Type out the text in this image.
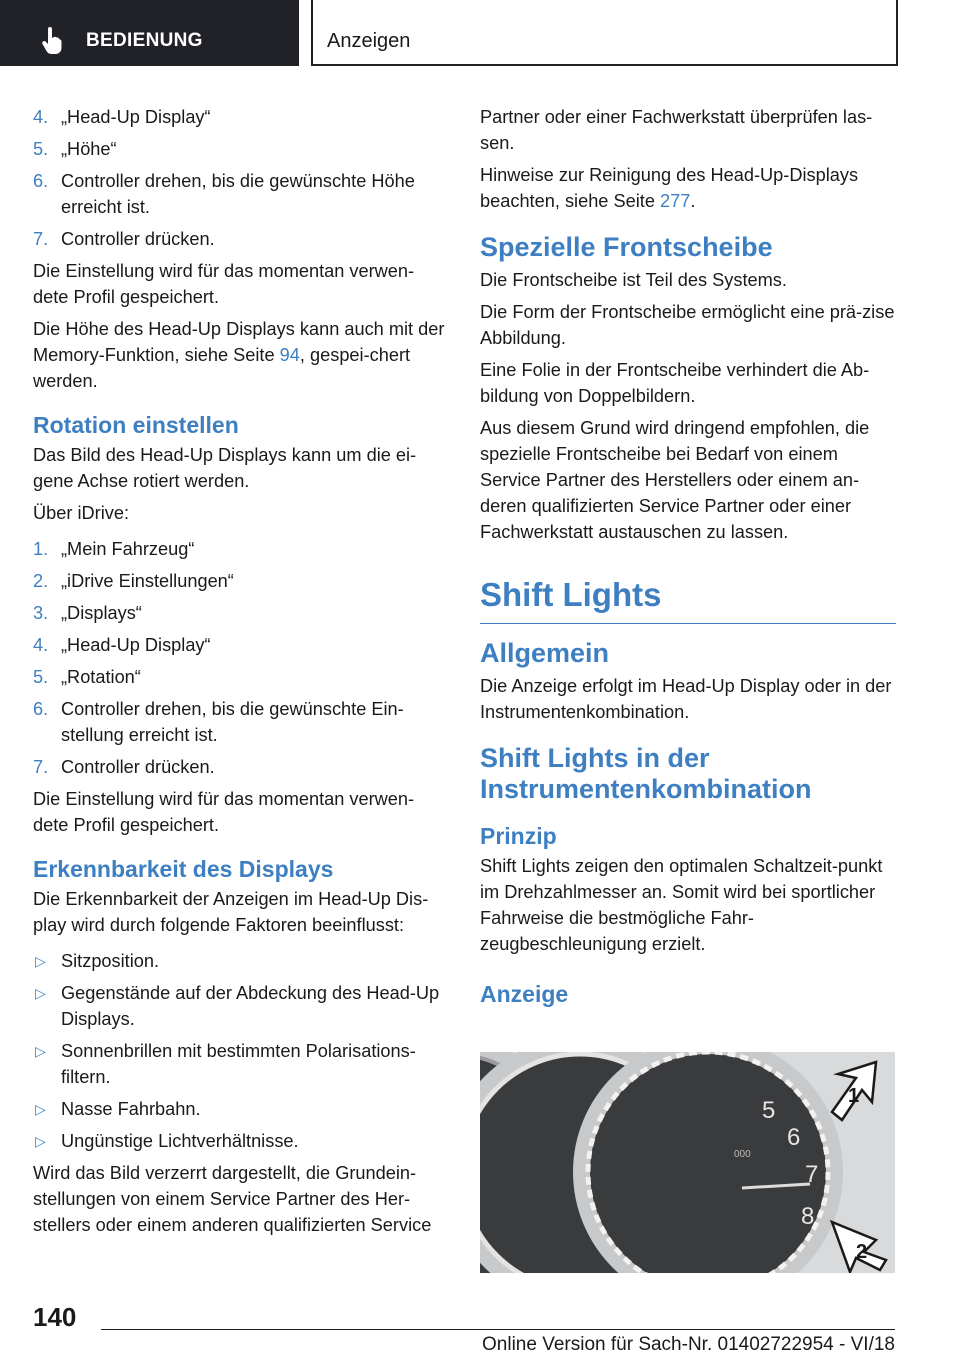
BEDIENUNG	Anzeigen
4. „Head-Up Display“
5. „Höhe“
6. Controller drehen, bis die gewünschte Höhe erreicht ist.
7. Controller drücken.

Die Einstellung wird für das momentan verwen-dete Profil gespeichert.

Die Höhe des Head-Up Displays kann auch mit der Memory-Funktion, siehe Seite 94, gespei-chert werden.

Rotation einstellen

Das Bild des Head-Up Displays kann um die ei-gene Achse rotiert werden.

Über iDrive:

1. „Mein Fahrzeug“
2. „iDrive Einstellungen“
3. „Displays“
4. „Head-Up Display“
5. „Rotation“
6. Controller drehen, bis die gewünschte Ein-stellung erreicht ist.
7. Controller drücken.

Die Einstellung wird für das momentan verwen-dete Profil gespeichert.

Erkennbarkeit des Displays

Die Erkennbarkeit der Anzeigen im Head-Up Dis-play wird durch folgende Faktoren beeinflusst:

▷ Sitzposition.
▷ Gegenstände auf der Abdeckung des Head-Up Displays.
▷ Sonnenbrillen mit bestimmten Polarisations-filtern.
▷ Nasse Fahrbahn.
▷ Ungünstige Lichtverhältnisse.

Wird das Bild verzerrt dargestellt, die Grundein-stellungen von einem Service Partner des Her-stellers oder einem anderen qualifizierten Service

Partner oder einer Fachwerkstatt überprüfen las-sen.

Hinweise zur Reinigung des Head-Up-Displays beachten, siehe Seite 277.

Spezielle Frontscheibe

Die Frontscheibe ist Teil des Systems.

Die Form der Frontscheibe ermöglicht eine prä-zise Abbildung.

Eine Folie in der Frontscheibe verhindert die Ab-bildung von Doppelbildern.

Aus diesem Grund wird dringend empfohlen, die spezielle Frontscheibe bei Bedarf von einem Service Partner des Herstellers oder einem an-deren qualifizierten Service Partner oder einer Fachwerkstatt austauschen zu lassen.

Shift Lights
Allgemein

Die Anzeige erfolgt im Head-Up Display oder in der Instrumentenkombination.

Shift Lights in der Instrumentenkombination
Prinzip

Shift Lights zeigen den optimalen Schaltzeit-punkt im Drehzahlmesser an. Somit wird bei sportlicher Fahrweise die bestmögliche Fahr-zeugbeschleunigung erzielt.

Anzeige
5
6
7
8
000
1
2
140
Online Version für Sach-Nr. 01402722954 - VI/18
